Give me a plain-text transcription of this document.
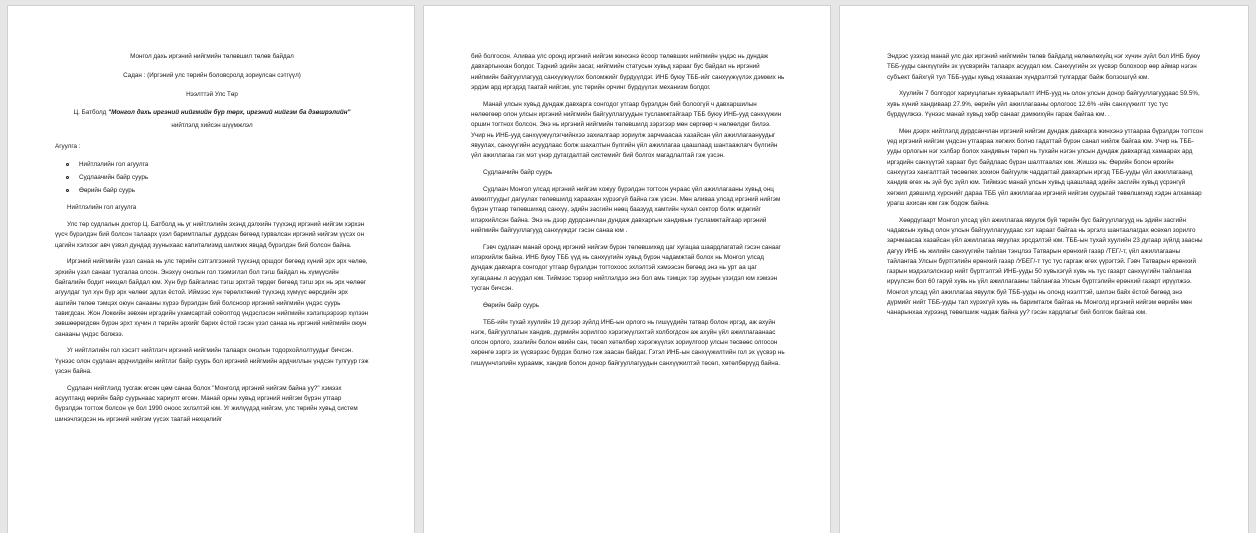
Монгол дахь иргэний нийгмийн төлөвшил төлөв байдал

Садан : (Иргэний улс төрийн боловсролд зориулсан сэтгүүл)

Нээлттэй Улс Төр

Ц. Батболд "Монгол дахь иргэний нийгмийн бүр төрх, иргэний нийгэм ба дэвшрэлийн"

нийтлэлд хийсэн шүүмжлэл

Агуулга :

Нийтлэлийн гол агуулга
Судлаачийн байр суурь
Өөрийн байр суурь

Нийтлэлийн гол агуулга

Улс төр судлалын доктор Ц. Батболд нь уг нийтлэлийн эхэнд дэлхийн түүхэнд иргэний нийгэм хэрхэн үүсч бүрэлдэн бий болсон талаарх үзэл баримтлалыг дурдсан бөгөөд гурвалсан иргэний нийгэм үүсэх он цагийн хэлхээг авч үзвэл дундад зууныхаас капитализмд шилжих явцад бүрэлдэн бий болсон байна.

Иргэний нийгмийн үзэл санаа нь улс төрийн сэтгэлгээний түүхэнд оршдог бөгөөд хүний эрх эрх чөлөө, эрхийн үзэл санааг тусгалаа олсон. Энэхүү онолын гол тээмэглэл бол тэгш байдал нь хүмүүсийн байгалийн бодит нөхцөл байдал юм. Хүн бүр байгалиас тэгш эрхтэй төрдөг бөгөөд тэгш эрх нь эрх чөлөөг агуулдаг тул хүн бүр эрх чөлөөг эдлэх ёстой. Иймээс хүн төрөлхтөний түүхэнд хүмүүс өөрсдийн эрх ашгийн төлөө тэмцэх оюун санааны хүрээ бүрэлдэн бий болсноор иргэний нийгмийн үндэс суурь тавигдсан. Жон Локкийн зөвхөн иргэдийн ухамсартай соёолтод үндэслэсэн нийгмийн хэлэлцээрээр хүлээн зөвшөөрөгдсөн бүрэн эрхт хүчин л төрийн эрхийг барих ёстой гэсэн үзэл санаа нь иргэний нийгмийн оюун санааны үндэс болжээ.

Уг нийтлэлийн гол хэсэгт нийтлэгч иргэний нийгмийн талаарх онолын тодорхойлолтуудыг бичсэн. Үүнээс олон судлаач ардчилдийн нийтлэг байр суурь бол иргэний нийгмийн ардчиллын үндсэн тулгуур гэж үзсэн байна.

Судлаач нийтлэлд тусгаж өгсөн цөм санаа болох "Монголд иргэний нийгэм байна уу?" хэмээх асуултанд өөрийн байр суурьнаас хариулт өгсөн. Манай орны хувьд иргэний нийгэм бүрэн утгаар бүрэлдэн тогтож болсон үе бол 1990 оноос эхлэлтэй юм. Уг жилүүдэд нийгэм, улс төрийн хувьд систем шинэчлэгдсэн нь иргэний нийгэм үүсэх таатай нөхцөлийг

бий болгосон. Аливаа улс оронд иргэний нийгэм жинхэнэ ёсоор төлөвших нийгмийн үндэс нь дундаж давхаргынхан болдог. Тэдний эдийн засаг, нийгмийн статусын хувьд харааг бус байдал нь иргэний нийгмийн байгууллагууд санхүүжүүлэх боломжийг бүрдүүлдэг. ИНБ буюу ТББ-ийг санхүүжүүлэх дэмжих нь эрдэм ард иргэдэд таатай нийгэм, улс төрийн орчинг бүрдүүлэх механизм болдог.

Манай улсын хувьд дундаж давхарга сонгодог утгаар бүрэлдэн бий болоогүй ч давхаршилын нөлөөгөөр олон улсын иргэний нийгмийн байгууллагуудын тусламжтайгаар ТББ буюу ИНБ-ууд санхүүжин оршин тогтнох болсон. Энэ нь иргэний нийгмийн төлөвшилд зэрэгээр мөн сөргөөр ч нөлөөлдөг билээ. Учир нь ИНБ-ууд санхүүжүүлэгчийнхээ захиалгаар зориулж зарчмаасаа хазайсан үйл ажиллагаануудыг явуулах, санхүүгийн асуудлаас болж шахалтын бүлгийн үйл ажиллагаа цаашлаад шантаажлагч бүлгийн үйл ажиллагаа гэх мэт үнэр дутагдалтай системийг бий болгох магадлалтай гэж үзсэн.

Судлаачийн байр суурь

Судлаач Монгол улсад иргэний нийгэм хожуу бүрэлдэн тогтсон учраас үйл ажиллагааны хувьд онц амжилтуудыг дагуулах төлөвшилд хараахан хүрээгүй байна гэж үзсэн. Мөн аливаа улсад иргэний нийгэм бүрэн утгаар төлөвшихөд санхүү, эдийн засгийн нөөц баазууд хамтийн чухал сектор болж өгдөгийг илэрхийлсэн байна. Энэ нь дээр дурдсанчлан дундаж давхаргын хандивын тусламжтайгаар иргэний нийгмийн байгууллагууд санхүүждэг гэсэн санаа юм .

Гэвч судлаач манай оронд иргэний нийгэм бүрэн төлөвшихөд цаг хугацаа шаардлагатай гэсэн санааг илэрхийлж байна. ИНБ буюу ТББ үүд нь санхүүгийн хувьд бүрэн чадамжтай болох нь Монгол улсад дундаж давхарга сонгодог утгаар бүрэлдэн тогтохоос эхлэлтэй хэмээсэн бөгөөд энэ нь урт аа цаг хугацааны л асуудал юм. Тиймээс тэрээр нийтлэлдээ энэ бол амь тэмцэх тэр зуурын үзэгдэл юм хэмээн тусган бичсэн.

Өөрийн байр суурь

ТББ-ийн тухай хуулийн 19 дүгээр зүйлд ИНБ-ын орлого нь гишүүдийн татвар болон иргэд, аж ахуйн нэгж, байгууллагын хандив, дүрмийн зорилгоо хэрэгжүүлэхтэй холбогдсон аж ахуйн үйл ажиллагаанаас олсон орлого, зээлийн болон өвийн сан, төсөл хөтөлбөр хэрэгжүүлэх зориулгоор улсын төсвөөс олгосон хөрөнгө зэргэ эх үүсвэрээс бүрдэх болно гэж заасан байдаг. Гэтэл ИНБ-ын санхүүжилтийн гол эх үүсвэр нь гишүүнчлэлийн хураамж, хандив болон донор байгууллагуудын санхүүжилтэй төсөл, хөтөлбөрүүд байна.

Эндээс үзэхэд манай улс дах иргэний нийгмийн төлөв байдалд нөлөөлөхүйц нэг хүчин зүйл бол ИНБ буюу ТББ-ууды санхүүгийн эх үүсвэрийн талаарх асуудал юм. Санхүүгийн эх үүсвэр болохоор өөр аймар нэгэн субъект байхгүй тул ТББ-ууды хувьд хязаахан хүндрэлтэй тулгардаг байж болзошгүй юм.

Хуулийн 7 болгодог хариуцлагын хуваарьлалт ИНБ-ууд нь олон улсын донор байгууллагуудаас 59.5%, хувь хүний хандиваар 27.9%, өөрийн үйл ажиллагааны орлогоос 12.6% -ийн санхүүжилт тус тус бүрдүүлжээ. Үүнээс манай хувьд хөбр санааг дэмжихүйн гараж байгаа юм. .

Мөн дээрх нийтлэлд дурдсанчлан иргэний нийгэм дундаж давхарга жинхэнэ утгаараа бүрэлдэн тогтсон үед иргэний нийгэм үндсэн утгаараа хөгжих болно гадаттай бүрэн санал нийлж байгаа юм. Учир нь ТББ-ууды орлогын нэг хэлбэр болох хандивын төрөл нь тухайн нэгэн улсын дундаж давхаргад хамаарах ард иргэдийн санхүүтэй хараат бус байдлаас бүрэн шалтгаалах юм. Жишээ нь: Өөрийн болон өрхийн санхүүгээ хангалттай төсөөлөх зохион байгуулж чаддагтай давхаргын иргэд ТББ-ууды үйл ажиллагаанд хандив өгөх нь зүй бус зүйл юм. Тиймээс манай улсын хувьд цаашлаад эдийн засгийн хувьд үсрэнгүй хөгжил дэвшилд хүрснийг дараа ТББ үйл ажиллагаа иргэний нийгэм суурьтай төвөлшихөд хэдэн алхамаар урагш ахисан юм гэж бодож байна.

Хөөрдүгаарт Монгол улсад үйл ажиллагаа явуулж буй төрийн бус байгууллагууд нь эдийн засгийн чадавхын хувьд олон улсын байгууллагуудаас хэт хараат байгаа нь эргэлз шантаалагдах өсөхөл зорилго зарчмаасаа хазайсан үйл ажиллагаа явуулах эрсдэлтэй юм. ТББ-ын тухай хуулийн 23 дугаар зүйлд заасны дагуу ИНБ нь жилийн санхүүгийн тайлан тэнцлээ Татварын ерөнхий газар /ТЕГ/-т, үйл ажиллагааны тайлангаа Улсын бүртгэлийн ерөнхий газар /УБЕГ/-т тус тус гаргаж өгөх үүрэгтэй. Гэвч Татварын ерөнхий газрын мэдээлэлснээр нийт бүртгэлтэй ИНБ-ууды 50 хувьхэгүй хувь нь тус газарт санхүүгийн тайлангаа ирүүлсэн бол 60 гаруй хувь нь үйл ажиллагааны тайлангаа Улсын бүртгэлийн ерөнхий газарт ирүүлжээ. Монгол улсад үйл ажиллагаа явуулж буй ТББ-ууды нь олонд нээлттэй, шилэн байх ёстой бөгөөд энэ дүрмийг нийт ТББ-ууды тал хүрэхгүй хувь нь баримталж байгаа нь Монголд иргэний нийгэм өөрийн мөн чанарынхаа хүрээнд төвөлшиж чадаж байна уу? гэсэн хардлагыг бий болгож байгаа юм.
